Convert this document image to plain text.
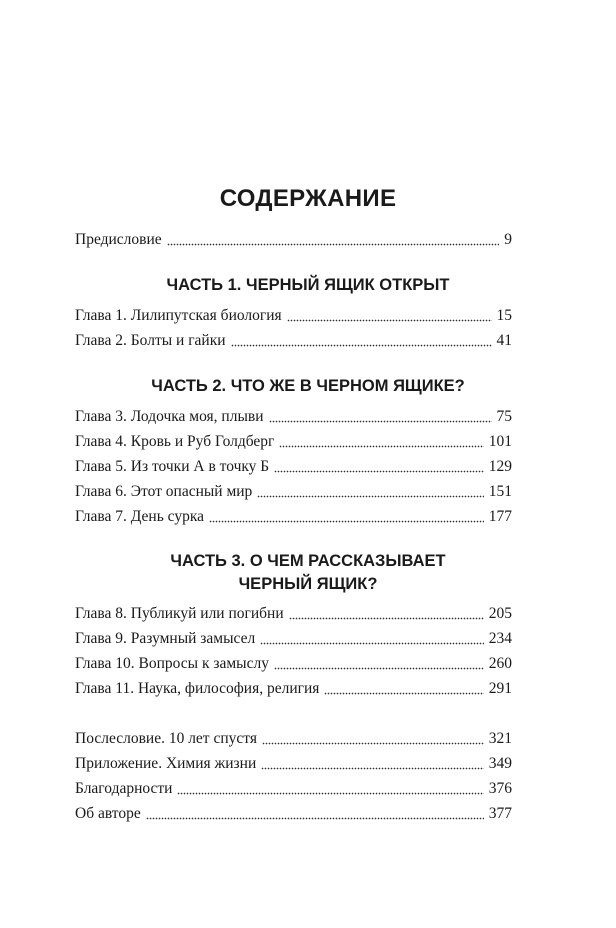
СОДЕРЖАНИЕ
Предисловие	9
ЧАСТЬ 1. ЧЕРНЫЙ ЯЩИК ОТКРЫТ
Глава 1. Лилипутская биология	15
Глава 2. Болты и гайки	41
ЧАСТЬ 2. ЧТО ЖЕ В ЧЕРНОМ ЯЩИКЕ?
Глава 3. Лодочка моя, плыви	75
Глава 4. Кровь и Руб Голдберг	101
Глава 5. Из точки А в точку Б	129
Глава 6. Этот опасный мир	151
Глава 7. День сурка	177
ЧАСТЬ 3. О ЧЕМ РАССКАЗЫВАЕТ
ЧЕРНЫЙ ЯЩИК?
Глава 8. Публикуй или погибни	205
Глава 9. Разумный замысел	234
Глава 10. Вопросы к замыслу	260
Глава 11. Наука, философия, религия	291
Послесловие. 10 лет спустя	321
Приложение. Химия жизни	349
Благодарности	376
Об авторе	377
